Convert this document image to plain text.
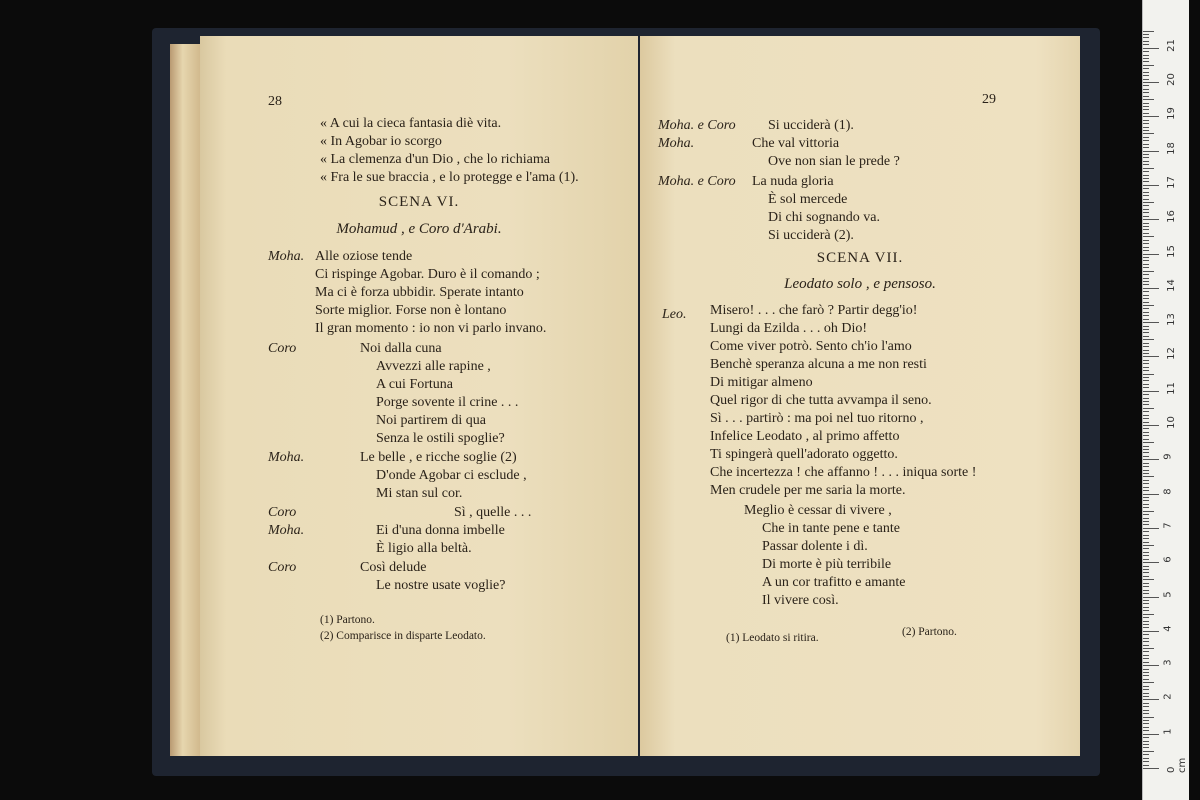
28
« A cui la cieca fantasia diè vita.
« In Agobar io scorgo
« La clemenza d'un Dio , che lo richiama
« Fra le sue braccia , e lo protegge e l'ama (1).
SCENA VI.
Mohamud , e Coro d'Arabi.
Moha. Alle oziose tende
Ci rispinge Agobar. Duro è il comando ;
Ma ci è forza ubbidir. Sperate intanto
Sorte miglior. Forse non è lontano
Il gran momento : io non vi parlo invano.
Coro	Noi dalla cuna
Avvezzi alle rapine ,
A cui Fortuna
Porge sovente il crine . . .
Noi partirem di qua
Senza le ostili spoglie?
Moha.	Le belle , e ricche soglie (2)
D'onde Agobar ci esclude ,
Mi stan sul cor.
Coro	Sì , quelle . . .
Moha.	Ei d'una donna imbelle
È ligio alla beltà.
Coro	Così delude
Le nostre usate voglie?
(1) Partono.
(2) Comparisce in disparte Leodato.
29
Moha. e Coro Si ucciderà (1).
Moha.	Che val vittoria
Ove non sian le prede ?
Moha. e Coro La nuda gloria
È sol mercede
Di chi sognando va.
Si ucciderà (2).
SCENA VII.
Leodato solo , e pensoso.
Leo. Misero! . . . che farò ? Partir degg'io!
Lungi da Ezilda . . . oh Dio!
Come viver potrò. Sento ch'io l'amo
Benchè speranza alcuna a me non resti
Di mitigar almeno
Quel rigor di che tutta avvampa il seno.
Sì . . . partirò : ma poi nel tuo ritorno ,
Infelice Leodato , al primo affetto
Ti spingerà quell'adorato oggetto.
Che incertezza ! che affanno ! . . . iniqua sorte !
Men crudele per me saria la morte.
Meglio è cessar di vivere ,
Che in tante pene e tante
Passar dolente i dì.
Di morte è più terribile
A un cor trafitto e amante
Il vivere così.
(1) Leodato si ritira.	(2) Partono.
0 cm
1
2
3
4
5
6
7
8
9
10
11
12
13
14
15
16
17
18
19
20
21
